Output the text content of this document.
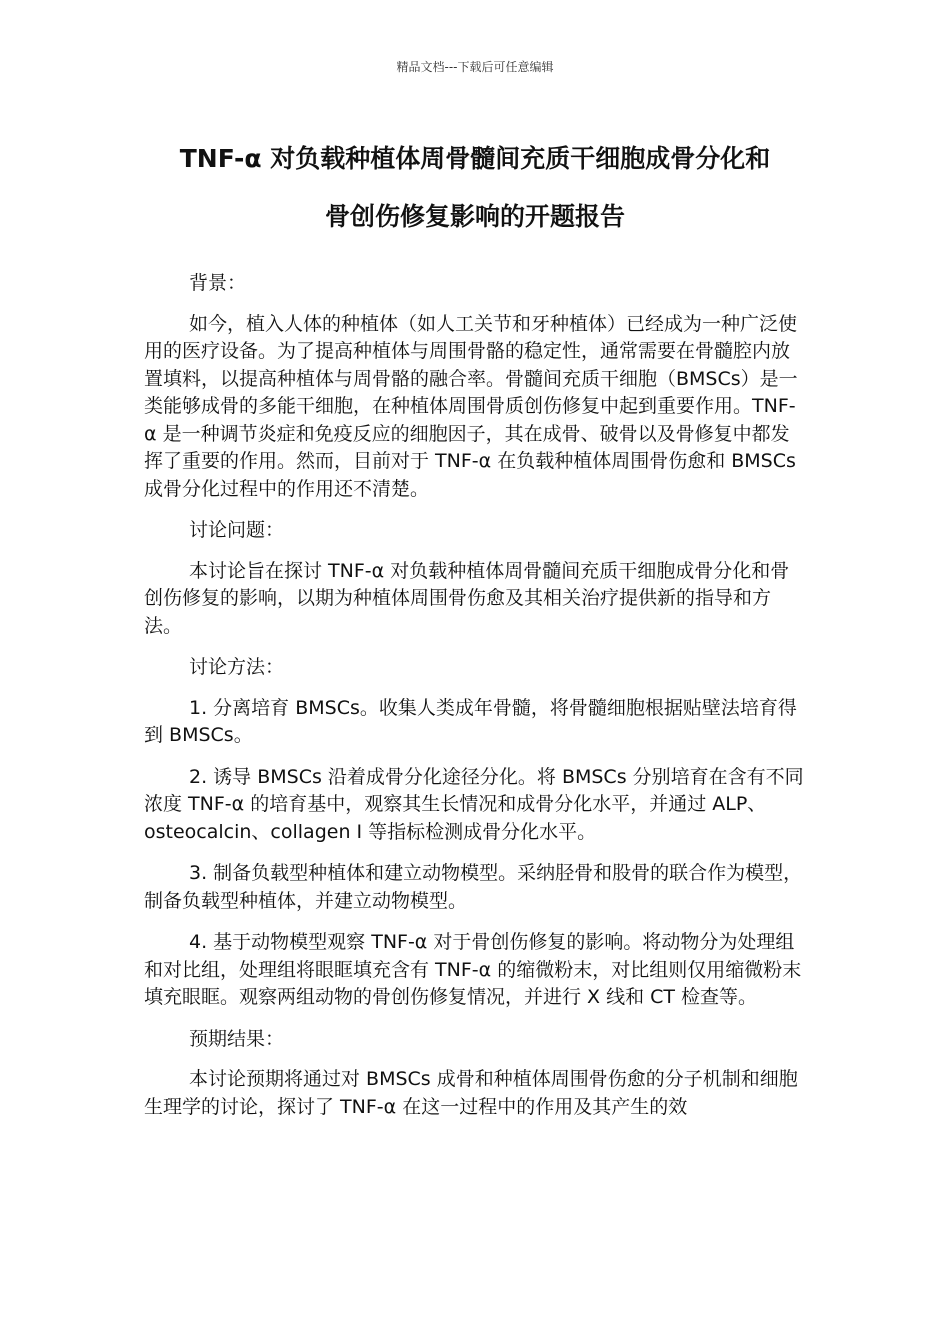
精品文档---下载后可任意编辑
TNF-α 对负载种植体周骨髓间充质干细胞成骨分化和
骨创伤修复影响的开题报告

背景：

如今，植入人体的种植体（如人工关节和牙种植体）已经成为一种广泛使用的医疗设备。为了提高种植体与周围骨骼的稳定性，通常需要在骨髓腔内放置填料，以提高种植体与周骨骼的融合率。骨髓间充质干细胞（BMSCs）是一类能够成骨的多能干细胞，在种植体周围骨质创伤修复中起到重要作用。TNF-α 是一种调节炎症和免疫反应的细胞因子，其在成骨、破骨以及骨修复中都发挥了重要的作用。然而，目前对于 TNF-α 在负载种植体周围骨伤愈和 BMSCs 成骨分化过程中的作用还不清楚。

讨论问题：

本讨论旨在探讨 TNF-α 对负载种植体周骨髓间充质干细胞成骨分化和骨创伤修复的影响，以期为种植体周围骨伤愈及其相关治疗提供新的指导和方法。

讨论方法：

1. 分离培育 BMSCs。收集人类成年骨髓，将骨髓细胞根据贴壁法培育得到 BMSCs。

2. 诱导 BMSCs 沿着成骨分化途径分化。将 BMSCs 分别培育在含有不同浓度 TNF-α 的培育基中，观察其生长情况和成骨分化水平，并通过 ALP、osteocalcin、collagen I 等指标检测成骨分化水平。

3. 制备负载型种植体和建立动物模型。采纳胫骨和股骨的联合作为模型，制备负载型种植体，并建立动物模型。

4. 基于动物模型观察 TNF-α 对于骨创伤修复的影响。将动物分为处理组和对比组，处理组将眼眶填充含有 TNF-α 的缩微粉末，对比组则仅用缩微粉末填充眼眶。观察两组动物的骨创伤修复情况，并进行 X 线和 CT 检查等。

预期结果：

本讨论预期将通过对 BMSCs 成骨和种植体周围骨伤愈的分子机制和细胞生理学的讨论，探讨了 TNF-α 在这一过程中的作用及其产生的效
